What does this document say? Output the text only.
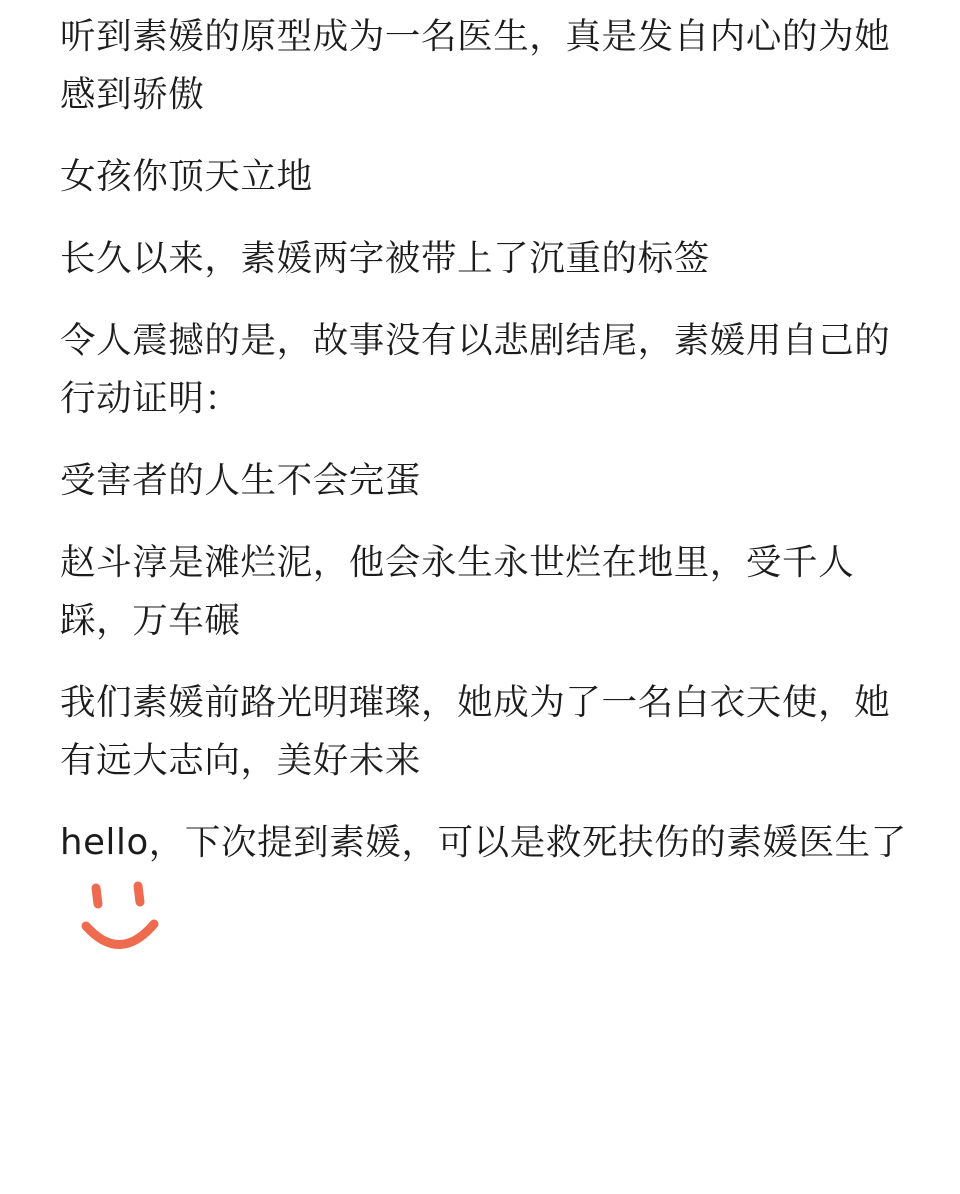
听到素媛的原型成为一名医生，真是发自内心的为她感到骄傲

女孩你顶天立地

长久以来，素媛两字被带上了沉重的标签

令人震撼的是，故事没有以悲剧结尾，素媛用自己的行动证明：

受害者的人生不会完蛋

赵斗淳是滩烂泥，他会永生永世烂在地里，受千人踩，万车碾

我们素媛前路光明璀璨，她成为了一名白衣天使，她有远大志向，美好未来

hello，下次提到素媛，可以是救死扶伤的素媛医生了
